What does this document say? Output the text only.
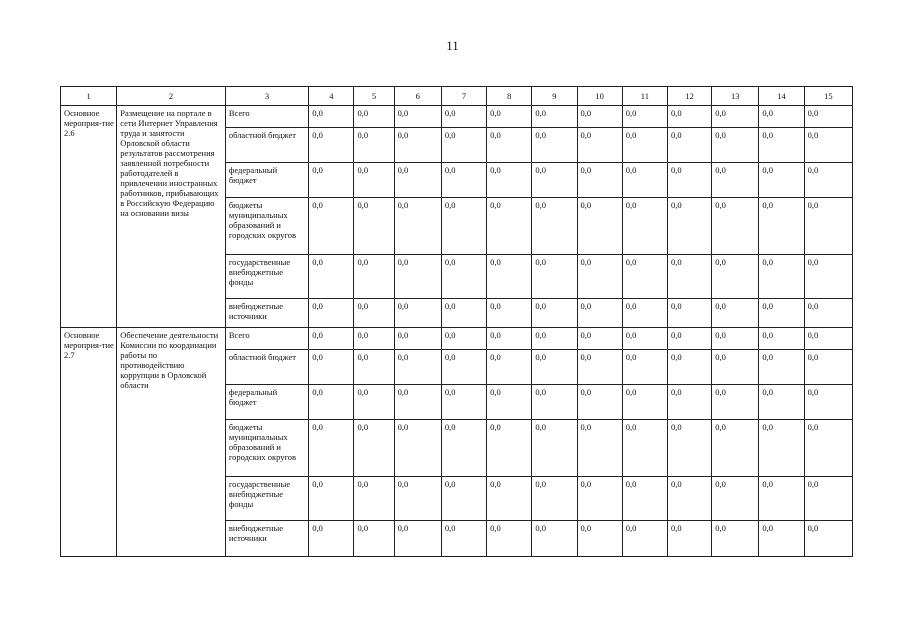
11
1	2	3	4	5	6	7	8	9	10	11	12	13	14	15
Основное мероприя-тие 2.6	Размещение на портале в сети Интернет Управления труда и занятости Орловской области результатов рассмотрения заявленной потребности работодателей в привлечении иностранных работников, прибывающих в Российскую Федерацию на основании визы	Всего	0,0	0,0	0,0	0,0	0,0	0,0	0,0	0,0	0,0	0,0	0,0	0,0
		областной бюджет	0,0	0,0	0,0	0,0	0,0	0,0	0,0	0,0	0,0	0,0	0,0	0,0
		федеральный бюджет	0,0	0,0	0,0	0,0	0,0	0,0	0,0	0,0	0,0	0,0	0,0	0,0
		бюджеты муниципальных образований и городских округов	0,0	0,0	0,0	0,0	0,0	0,0	0,0	0,0	0,0	0,0	0,0	0,0
		государственные внебюджетные фонды	0,0	0,0	0,0	0,0	0,0	0,0	0,0	0,0	0,0	0,0	0,0	0,0
		внебюджетные источники	0,0	0,0	0,0	0,0	0,0	0,0	0,0	0,0	0,0	0,0	0,0	0,0
Основное мероприя-тие 2.7	Обеспечение деятельности Комиссии по координации работы по противодействию коррупции в Орловской области	Всего	0,0	0,0	0,0	0,0	0,0	0,0	0,0	0,0	0,0	0,0	0,0	0,0
		областной бюджет	0,0	0,0	0,0	0,0	0,0	0,0	0,0	0,0	0,0	0,0	0,0	0,0
		федеральный бюджет	0,0	0,0	0,0	0,0	0,0	0,0	0,0	0,0	0,0	0,0	0,0	0,0
		бюджеты муниципальных образований и городских округов	0,0	0,0	0,0	0,0	0,0	0,0	0,0	0,0	0,0	0,0	0,0	0,0
		государственные внебюджетные фонды	0,0	0,0	0,0	0,0	0,0	0,0	0,0	0,0	0,0	0,0	0,0	0,0
		внебюджетные источники	0,0	0,0	0,0	0,0	0,0	0,0	0,0	0,0	0,0	0,0	0,0	0,0
